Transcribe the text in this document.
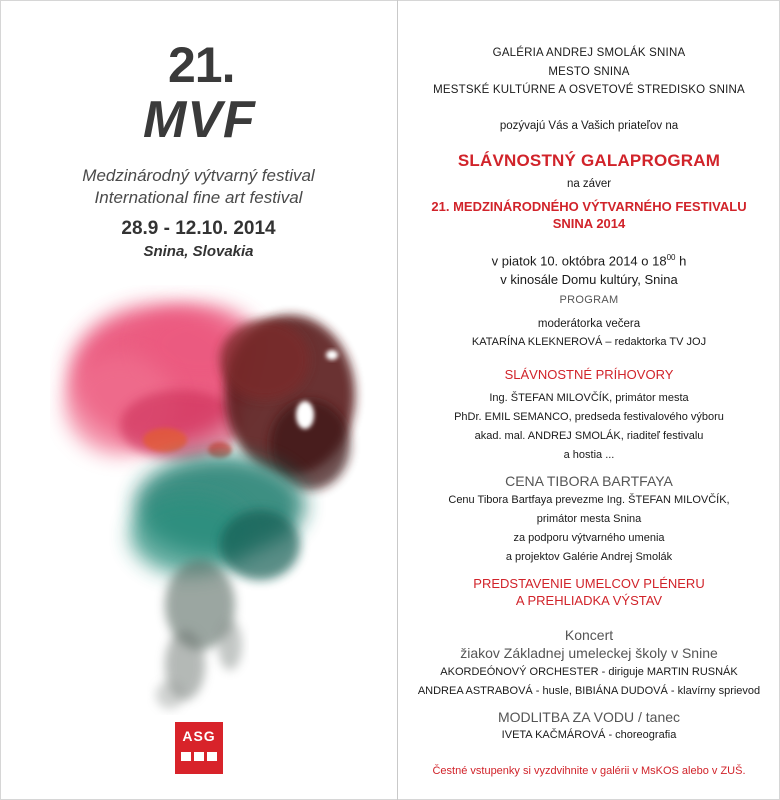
21.
MVF
Medzinárodný výtvarný festival
International fine art festival
28.9 - 12.10. 2014
Snina, Slovakia
ASG
GALÉRIA ANDREJ SMOLÁK SNINA
MESTO SNINA
MESTSKÉ KULTÚRNE A OSVETOVÉ STREDISKO SNINA
pozývajú Vás a Vašich priateľov na
SLÁVNOSTNÝ GALAPROGRAM
na záver
21. MEDZINÁRODNÉHO VÝTVARNÉHO FESTIVALU
SNINA 2014
v piatok 10. októbra 2014 o $18^{00}$ h
v kinosále Domu kultúry, Snina
PROGRAM
moderátorka večera
KATARÍNA KLEKNEROVÁ – redaktorka TV JOJ
SLÁVNOSTNÉ PRÍHOVORY
Ing. ŠTEFAN MILOVČÍK, primátor mesta
PhDr. EMIL SEMANCO, predseda festivalového výboru
akad. mal. ANDREJ SMOLÁK, riaditeľ festivalu
a hostia ...
CENA TIBORA BARTFAYA
Cenu Tibora Bartfaya prevezme Ing. ŠTEFAN MILOVČÍK,
primátor mesta Snina
za podporu výtvarného umenia
a projektov Galérie Andrej Smolák
PREDSTAVENIE UMELCOV PLÉNERU
A PREHLIADKA VÝSTAV
Koncert
žiakov Základnej umeleckej školy v Snine
AKORDEÓNOVÝ ORCHESTER - diriguje MARTIN RUSNÁK
ANDREA ASTRABOVÁ - husle, BIBIÁNA DUDOVÁ - klavírny sprievod
MODLITBA ZA VODU / tanec
IVETA KAČMÁROVÁ - choreografia
Čestné vstupenky si vyzdvihnite v galérii v MsKOS alebo v ZUŠ.
